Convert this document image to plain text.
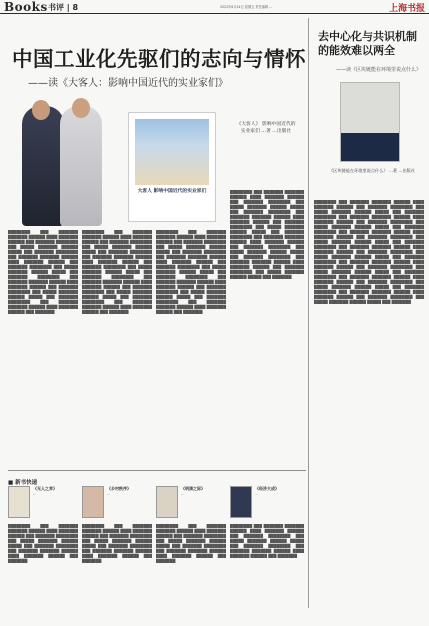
Books 书评 | 8	2022年6月24日 星期五 责任编辑 ...	上海书报
中国工业化先驱们的志向与情怀
——读《大客人：影响中国近代的实业家们》
大客人 影响中国近代的实业家们
《大客人》 影响中国近代的实业家们 ...著 ...出版社
去中心化与共识机制的能效难以两全
——读《区块链能在环境里说点什么》
《区块链能在环境里说点什么》 ...著 ...出版社
████████ ███ ███████ ███████ ██████ ████ ███████ ██████ ███ ███████ ████████ ███ █████ ███████ ██████ █████ ███ ███████ ████████ ███ ███████ ███████ ██████ ████ ███████ ██████ ███ ███████ ████████ ███ █████ ███████ ██████ █████ ███ ███████ ████████ ███ ███████ ███████ ██████ ████ ███████ ██████ ███ ███████ ████████ ███ █████ ███████ ██████ █████ ███ ███████ ████████ ███ ███████ ███████ ██████ ████ ███████ ██████ ███ ███████
████████ ███ ███████ ███████ ██████ ████ ███████ ██████ ███ ███████ ████████ ███ █████ ███████ ██████ █████ ███ ███████ ████████ ███ ███████ ███████ ██████ ████ ███████ ██████ ███ ███████ ████████ ███ █████ ███████ ██████ █████ ███ ███████ ████████ ███ ███████ ███████ ██████ ████ ███████ ██████ ███ ███████ ████████ ███ █████ ███████ ██████ █████ ███ ███████ ████████ ███ ███████ ███████ ██████ ████ ███████ ██████ ███ ███████
████████ ███ ███████ ███████ ██████ ████ ███████ ██████ ███ ███████ ████████ ███ █████ ███████ ██████ █████ ███ ███████ ████████ ███ ███████ ███████ ██████ ████ ███████ ██████ ███ ███████ ████████ ███ █████ ███████ ██████ █████ ███ ███████ ████████ ███ ███████ ███████ ██████ ████ ███████ ██████ ███ ███████ ████████ ███ █████ ███████ ██████ █████ ███ ███████ ████████ ███ ███████ ███████ ██████ ████ ███████ ██████ ███ ███████
████████ ███ ███████ ███████ ██████ ████ ███████ ██████ ███ ███████ ████████ ███ █████ ███████ ██████ █████ ███ ███████ ████████ ███ ███████ ███████ ██████ ████ ███████ ██████ ███ ███████ ████████ ███ █████ ███████ ██████ █████ ███ ███████ ████████ ███ ███████ ███████ ██████ ████ ███████ ██████ ███ ███████ ████████ ███ █████ ███████ ██████ █████ ███ ███████ ████████ ███ ███████ ███████ ██████ ████ ███████ ██████ ███ ███████ ████████ ███ █████ ███████ ██████ █████ ███ ███████
████████ ███ ███████ ███████ ██████ ████ ███████ ██████ ███ ███████ ████████ ███ █████ ███████ ██████ █████ ███ ███████ ████████ ███ ███████ ███████ ██████ ████ ███████ ██████ ███ ███████ ████████ ███ █████ ███████ ██████ █████ ███ ███████ ████████ ███ ███████ ███████ ██████ ████ ███████ ██████ ███ ███████ ████████ ███ █████ ███████ ██████ █████ ███ ███████ ████████ ███ ███████ ███████ ██████ ████ ███████ ██████ ███ ███████ ████████ ███ █████ ███████ ██████ █████ ███ ███████ ████████ ███ ███████ ███████ ██████ ████ ███████ ██████ ███ ███████ ████████ ███ █████ ███████ ██████ █████ ███ ███████ ████████ ███ ███████ ███████ ██████ ████ ███████ ██████ ███ ███████ ████████ ███ █████ ███████ ██████ █████ ███ ███████ ████████ ███ ███████ ███████ ██████ ████ ███████ ██████ ███ ███████ ████████ ███ █████ ███████ ██████ █████ ███ ███████
■ 新书快递
《无人之界》
...
《乡村秩序》
...
《明清之际》
...
《经济大成》
...
████████ ███ ███████ ███████ ██████ ████ ███████ ██████ ███ ███████ ████████ ███ █████ ███████ ██████ █████ ███ ███████ ████████ ███ ███████ ███████ ██████ ████ ███████ ██████ ███ ███████
████████ ███ ███████ ███████ ██████ ████ ███████ ██████ ███ ███████ ████████ ███ █████ ███████ ██████ █████ ███ ███████ ████████ ███ ███████ ███████ ██████ ████ ███████ ██████ ███ ███████
████████ ███ ███████ ███████ ██████ ████ ███████ ██████ ███ ███████ ████████ ███ █████ ███████ ██████ █████ ███ ███████ ████████ ███ ███████ ███████ ██████ ████ ███████ ██████ ███ ███████
████████ ███ ███████ ███████ ██████ ████ ███████ ██████ ███ ███████ ████████ ███ █████ ███████ ██████ █████ ███ ███████ ████████ ███ ███████ ███████ ██████ ████ ███████ ██████ ███ ███████
